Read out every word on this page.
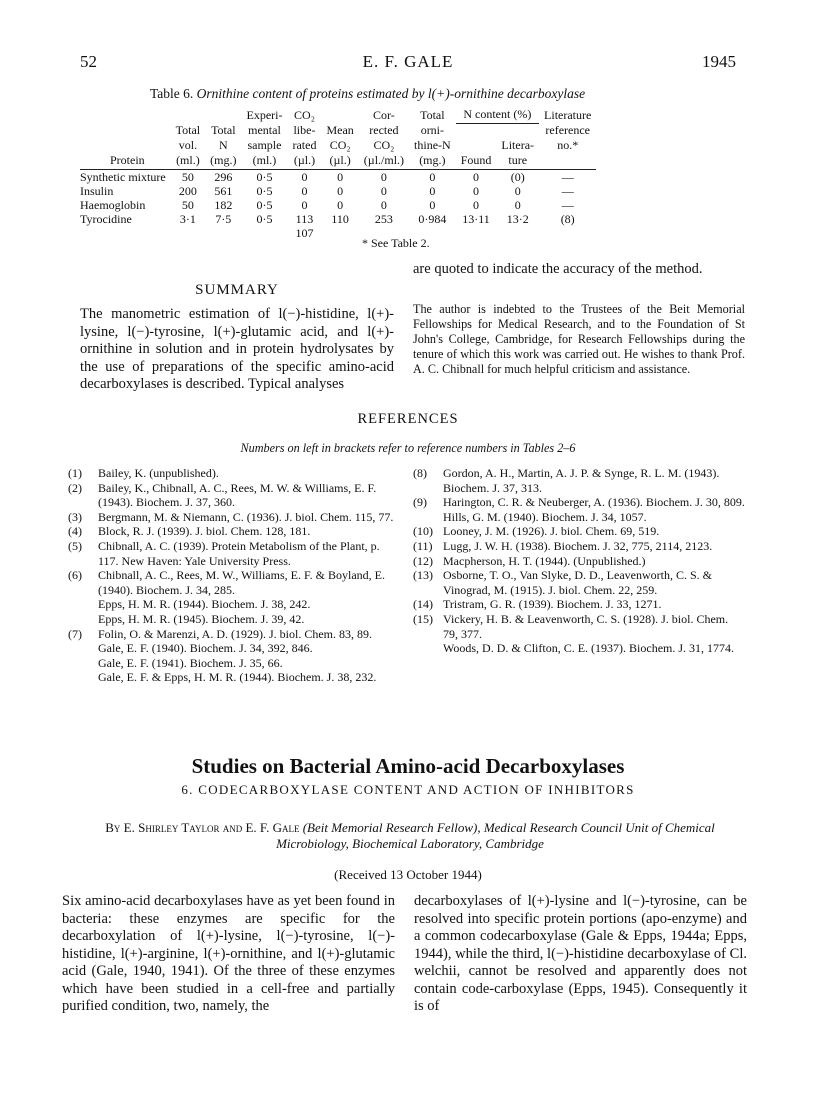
52	E. F. GALE	1945
Table 6. Ornithine content of proteins estimated by l(+)-ornithine decarboxylase
			Experi-	CO₂		Cor-	Total	N content (%)		Literature
	Total	Total	mental	libe-	Mean	rected	orni-			reference
	vol.	N	sample	rated	CO₂	CO₂	thine-N		Litera-	no.*
Protein	(ml.)	(mg.)	(ml.)	(µl.)	(µl.)	(µl./ml.)	(mg.)	Found	ture	
Synthetic mixture	50	296	0·5	0	0	0	0	0	(0)	—
Insulin	200	561	0·5	0	0	0	0	0	0	—
Haemoglobin	50	182	0·5	0	0	0	0	0	0	—
Tyrocidine	3·1	7·5	0·5	113	110	253	0·984	13·11	13·2	(8)
				107						
* See Table 2.
SUMMARY
The manometric estimation of l(−)-histidine, l(+)-lysine, l(−)-tyrosine, l(+)-glutamic acid, and l(+)-ornithine in solution and in protein hydrolysates by the use of preparations of the specific amino-acid decarboxylases is described. Typical analyses
are quoted to indicate the accuracy of the method.
The author is indebted to the Trustees of the Beit Memorial Fellowships for Medical Research, and to the Foundation of St John's College, Cambridge, for Research Fellowships during the tenure of which this work was carried out. He wishes to thank Prof. A. C. Chibnall for much helpful criticism and assistance.
REFERENCES
Numbers on left in brackets refer to reference numbers in Tables 2–6
(1)	Bailey, K. (unpublished).
(2)	Bailey, K., Chibnall, A. C., Rees, M. W. & Williams, E. F. (1943). Biochem. J. 37, 360.
(3)	Bergmann, M. & Niemann, C. (1936). J. biol. Chem. 115, 77.
(4)	Block, R. J. (1939). J. biol. Chem. 128, 181.
(5)	Chibnall, A. C. (1939). Protein Metabolism of the Plant, p. 117. New Haven: Yale University Press.
(6)	Chibnall, A. C., Rees, M. W., Williams, E. F. & Boyland, E. (1940). Biochem. J. 34, 285.
Epps, H. M. R. (1944). Biochem. J. 38, 242.
Epps, H. M. R. (1945). Biochem. J. 39, 42.
(7)	Folin, O. & Marenzi, A. D. (1929). J. biol. Chem. 83, 89.
Gale, E. F. (1940). Biochem. J. 34, 392, 846.
Gale, E. F. (1941). Biochem. J. 35, 66.
Gale, E. F. & Epps, H. M. R. (1944). Biochem. J. 38, 232.
(8)	Gordon, A. H., Martin, A. J. P. & Synge, R. L. M. (1943). Biochem. J. 37, 313.
(9)	Harington, C. R. & Neuberger, A. (1936). Biochem. J. 30, 809.
Hills, G. M. (1940). Biochem. J. 34, 1057.
(10) Looney, J. M. (1926). J. biol. Chem. 69, 519.
(11) Lugg, J. W. H. (1938). Biochem. J. 32, 775, 2114, 2123.
(12) Macpherson, H. T. (1944). (Unpublished.)
(13) Osborne, T. O., Van Slyke, D. D., Leavenworth, C. S. & Vinograd, M. (1915). J. biol. Chem. 22, 259.
(14) Tristram, G. R. (1939). Biochem. J. 33, 1271.
(15) Vickery, H. B. & Leavenworth, C. S. (1928). J. biol. Chem. 79, 377.
Woods, D. D. & Clifton, C. E. (1937). Biochem. J. 31, 1774.
Studies on Bacterial Amino-acid Decarboxylases
6. CODECARBOXYLASE CONTENT AND ACTION OF INHIBITORS
By E. Shirley Taylor and E. F. Gale (Beit Memorial Research Fellow), Medical Research Council Unit of Chemical Microbiology, Biochemical Laboratory, Cambridge
(Received 13 October 1944)
Six amino-acid decarboxylases have as yet been found in bacteria: these enzymes are specific for the decarboxylation of l(+)-lysine, l(−)-tyrosine, l(−)-histidine, l(+)-arginine, l(+)-ornithine, and l(+)-glutamic acid (Gale, 1940, 1941). Of the three of these enzymes which have been studied in a cell-free and partially purified condition, two, namely, the
decarboxylases of l(+)-lysine and l(−)-tyrosine, can be resolved into specific protein portions (apo-enzyme) and a common codecarboxylase (Gale & Epps, 1944a; Epps, 1944), while the third, l(−)-histidine decarboxylase of Cl. welchii, cannot be resolved and apparently does not contain code-carboxylase (Epps, 1945). Consequently it is of
